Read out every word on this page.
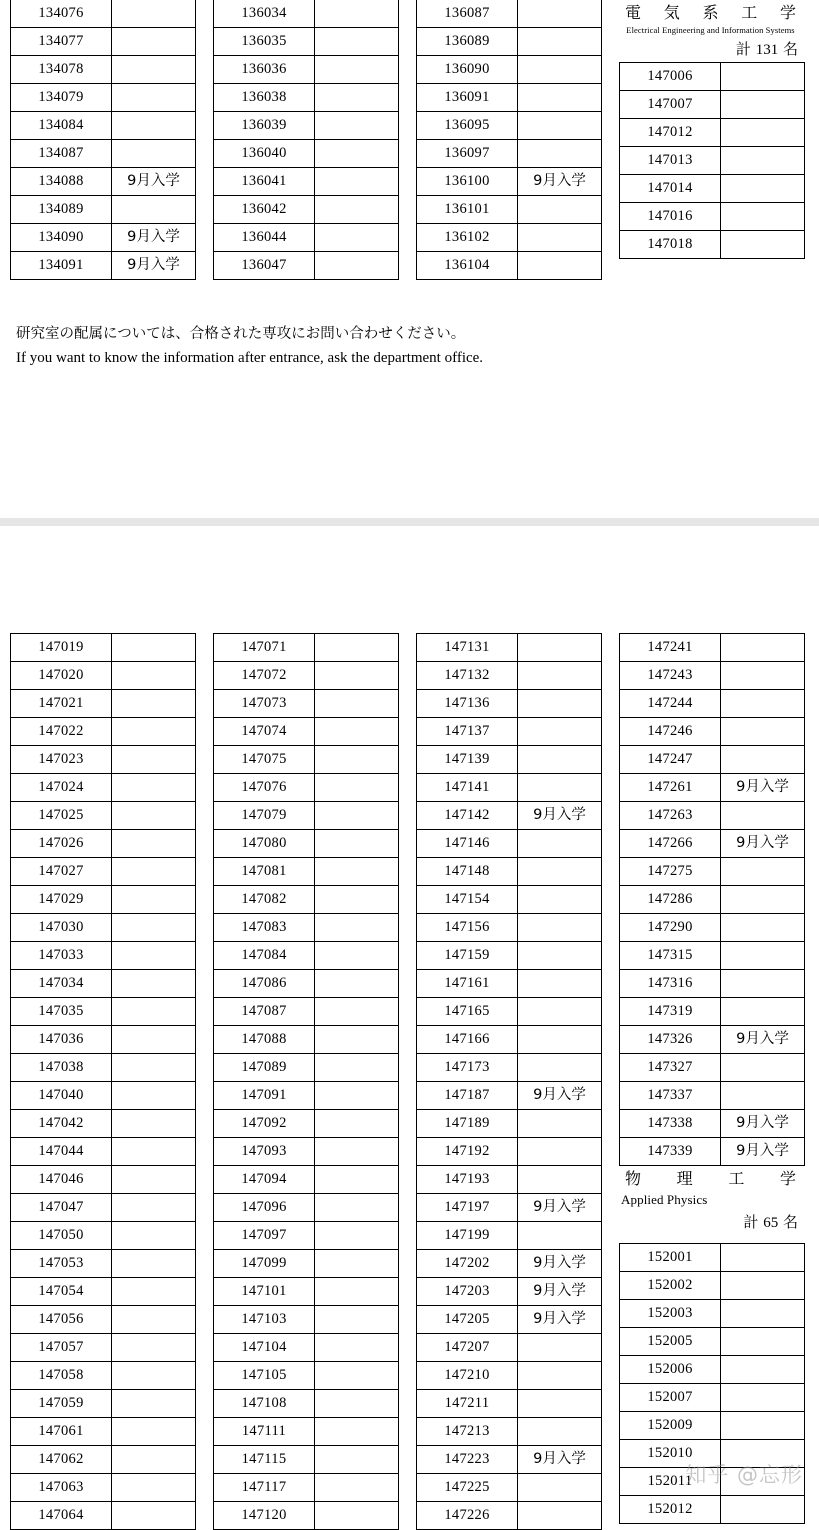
134076	
134077	
134078	
134079	
134084	
134087	
134088	9月入学
134089	
134090	9月入学
134091	9月入学
136034	
136035	
136036	
136038	
136039	
136040	
136041	
136042	
136044	
136047	
136087	
136089	
136090	
136091	
136095	
136097	
136100	9月入学
136101	
136102	
136104	
電 気 系 工 学
Electrical Engineering and Information Systems
計 131 名
147006	
147007	
147012	
147013	
147014	
147016	
147018	
研究室の配属については、合格された専攻にお問い合わせください。
If you want to know the information after entrance, ask the department office.
147019	
147020	
147021	
147022	
147023	
147024	
147025	
147026	
147027	
147029	
147030	
147033	
147034	
147035	
147036	
147038	
147040	
147042	
147044	
147046	
147047	
147050	
147053	
147054	
147056	
147057	
147058	
147059	
147061	
147062	
147063	
147064	
147071	
147072	
147073	
147074	
147075	
147076	
147079	
147080	
147081	
147082	
147083	
147084	
147086	
147087	
147088	
147089	
147091	
147092	
147093	
147094	
147096	
147097	
147099	
147101	
147103	
147104	
147105	
147108	
147111	
147115	
147117	
147120	
147131	
147132	
147136	
147137	
147139	
147141	
147142	9月入学
147146	
147148	
147154	
147156	
147159	
147161	
147165	
147166	
147173	
147187	9月入学
147189	
147192	
147193	
147197	9月入学
147199	
147202	9月入学
147203	9月入学
147205	9月入学
147207	
147210	
147211	
147213	
147223	9月入学
147225	
147226	
147241	
147243	
147244	
147246	
147247	
147261	9月入学
147263	
147266	9月入学
147275	
147286	
147290	
147315	
147316	
147319	
147326	9月入学
147327	
147337	
147338	9月入学
147339	9月入学
物 理 工 学
Applied Physics
計 65 名
152001	
152002	
152003	
152005	
152006	
152007	
152009	
152010	
152011	
152012	
知乎 @忘形
